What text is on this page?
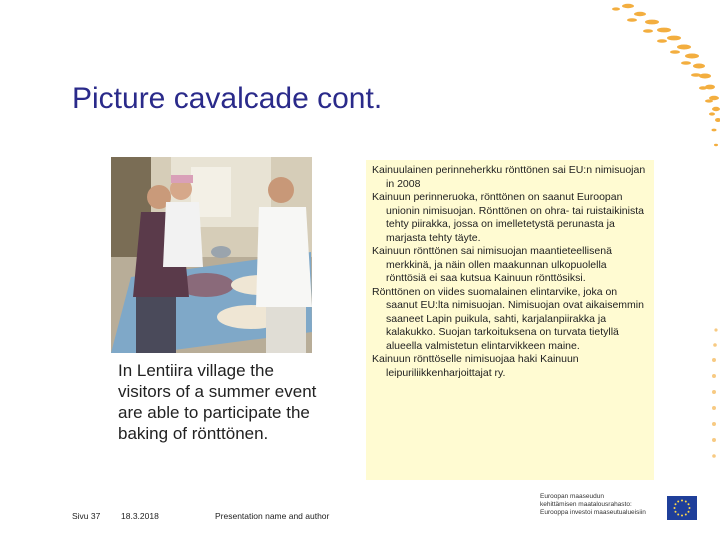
Picture cavalcade cont.
In Lentiira village the visitors of a summer event are able to participate the baking of rönttönen.
Kainuulainen perinneherkku rönttönen sai EU:n nimisuojan in 2008
Kainuun perinneruoka, rönttönen on saanut Euroopan unionin nimisuojan. Rönttönen on ohra- tai ruistaikinista tehty piirakka, jossa on imelletetystä perunasta ja marjasta tehty täyte.
Kainuun rönttönen sai nimisuojan maantieteellisenä merkkinä, ja näin ollen maakunnan ulkopuolella rönttösiä ei saa kutsua Kainuun rönttösiksi.
Rönttönen on viides suomalainen elintarvike, joka on saanut EU:lta nimisuojan. Nimisuojan ovat aikaisemmin saaneet Lapin puikula, sahti, karjalanpiirakka ja kalakukko. Suojan tarkoituksena on turvata tietyllä alueella valmistetun elintarvikkeen maine.
Kainuun rönttöselle nimisuojaa haki Kainuun leipuriliikkenharjoittajat ry.
Sivu 37 18.3.2018	Presentation name and author
Euroopan maaseudun
kehittämisen maatalousrahasto:
Eurooppa investoi maaseutualueisiin
